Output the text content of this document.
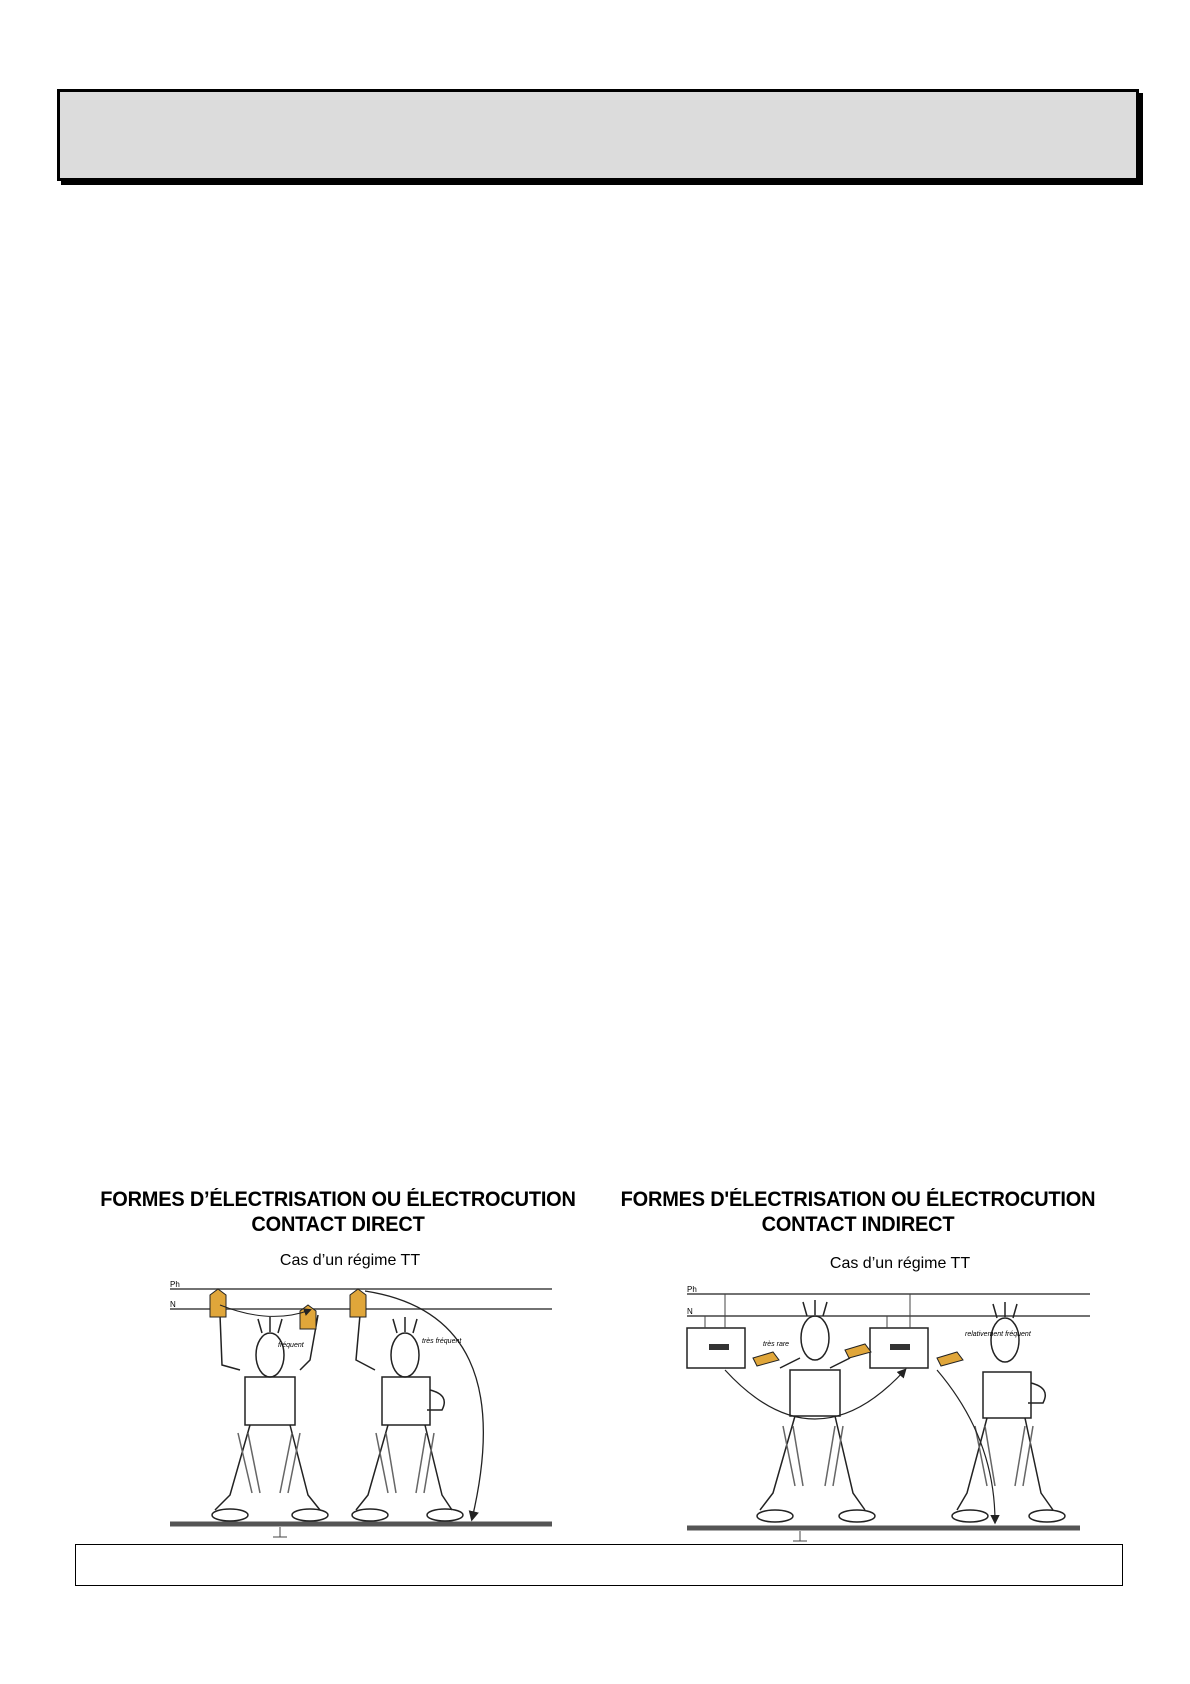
FORMES D’ÉLECTRISATION OU ÉLECTROCUTION
CONTACT DIRECT
Cas d’un régime TT
Ph
N
fréquent
très fréquent
FORMES D'ÉLECTRISATION OU ÉLECTROCUTION
CONTACT INDIRECT
Cas d’un régime TT
Ph
N
très rare
relativement fréquent
